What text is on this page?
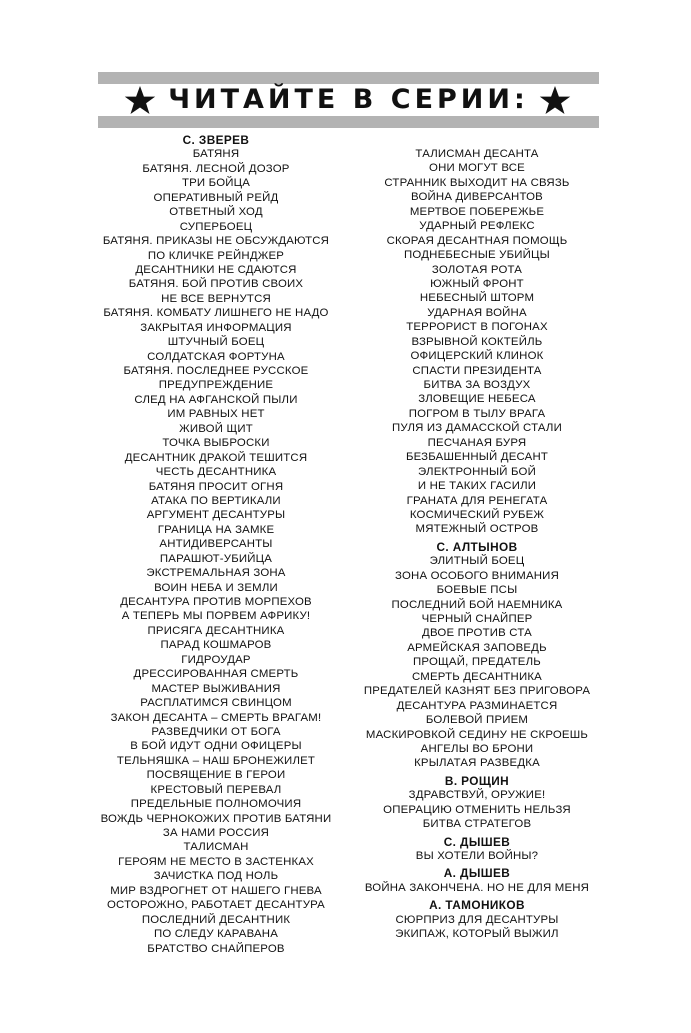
ЧИТАЙТЕ В СЕРИИ:
С. ЗВЕРЕВ
БАТЯНЯ
БАТЯНЯ. ЛЕСНОЙ ДОЗОР
ТРИ БОЙЦА
ОПЕРАТИВНЫЙ РЕЙД
ОТВЕТНЫЙ ХОД
СУПЕРБОЕЦ
БАТЯНЯ. ПРИКАЗЫ НЕ ОБСУЖДАЮТСЯ
ПО КЛИЧКЕ РЕЙНДЖЕР
ДЕСАНТНИКИ НЕ СДАЮТСЯ
БАТЯНЯ. БОЙ ПРОТИВ СВОИХ
НЕ ВСЕ ВЕРНУТСЯ
БАТЯНЯ. КОМБАТУ ЛИШНЕГО НЕ НАДО
ЗАКРЫТАЯ ИНФОРМАЦИЯ
ШТУЧНЫЙ БОЕЦ
СОЛДАТСКАЯ ФОРТУНА
БАТЯНЯ. ПОСЛЕДНЕЕ РУССКОЕ
ПРЕДУПРЕЖДЕНИЕ
СЛЕД НА АФГАНСКОЙ ПЫЛИ
ИМ РАВНЫХ НЕТ
ЖИВОЙ ЩИТ
ТОЧКА ВЫБРОСКИ
ДЕСАНТНИК ДРАКОЙ ТЕШИТСЯ
ЧЕСТЬ ДЕСАНТНИКА
БАТЯНЯ ПРОСИТ ОГНЯ
АТАКА ПО ВЕРТИКАЛИ
АРГУМЕНТ ДЕСАНТУРЫ
ГРАНИЦА НА ЗАМКЕ
АНТИДИВЕРСАНТЫ
ПАРАШЮТ-УБИЙЦА
ЭКСТРЕМАЛЬНАЯ ЗОНА
ВОИН НЕБА И ЗЕМЛИ
ДЕСАНТУРА ПРОТИВ МОРПЕХОВ
А ТЕПЕРЬ МЫ ПОРВЕМ АФРИКУ!
ПРИСЯГА ДЕСАНТНИКА
ПАРАД КОШМАРОВ
ГИДРОУДАР
ДРЕССИРОВАННАЯ СМЕРТЬ
МАСТЕР ВЫЖИВАНИЯ
РАСПЛАТИМСЯ СВИНЦОМ
ЗАКОН ДЕСАНТА – СМЕРТЬ ВРАГАМ!
РАЗВЕДЧИКИ ОТ БОГА
В БОЙ ИДУТ ОДНИ ОФИЦЕРЫ
ТЕЛЬНЯШКА – НАШ БРОНЕЖИЛЕТ
ПОСВЯЩЕНИЕ В ГЕРОИ
КРЕСТОВЫЙ ПЕРЕВАЛ
ПРЕДЕЛЬНЫЕ ПОЛНОМОЧИЯ
ВОЖДЬ ЧЕРНОКОЖИХ ПРОТИВ БАТЯНИ
ЗА НАМИ РОССИЯ
ТАЛИСМАН
ГЕРОЯМ НЕ МЕСТО В ЗАСТЕНКАХ
ЗАЧИСТКА ПОД НОЛЬ
МИР ВЗДРОГНЕТ ОТ НАШЕГО ГНЕВА
ОСТОРОЖНО, РАБОТАЕТ ДЕСАНТУРА
ПОСЛЕДНИЙ ДЕСАНТНИК
ПО СЛЕДУ КАРАВАНА
БРАТСТВО СНАЙПЕРОВ
ТАЛИСМАН ДЕСАНТА
ОНИ МОГУТ ВСЕ
СТРАННИК ВЫХОДИТ НА СВЯЗЬ
ВОЙНА ДИВЕРСАНТОВ
МЕРТВОЕ ПОБЕРЕЖЬЕ
УДАРНЫЙ РЕФЛЕКС
СКОРАЯ ДЕСАНТНАЯ ПОМОЩЬ
ПОДНЕБЕСНЫЕ УБИЙЦЫ
ЗОЛОТАЯ РОТА
ЮЖНЫЙ ФРОНТ
НЕБЕСНЫЙ ШТОРМ
УДАРНАЯ ВОЙНА
ТЕРРОРИСТ В ПОГОНАХ
ВЗРЫВНОЙ КОКТЕЙЛЬ
ОФИЦЕРСКИЙ КЛИНОК
СПАСТИ ПРЕЗИДЕНТА
БИТВА ЗА ВОЗДУХ
ЗЛОВЕЩИЕ НЕБЕСА
ПОГРОМ В ТЫЛУ ВРАГА
ПУЛЯ ИЗ ДАМАССКОЙ СТАЛИ
ПЕСЧАНАЯ БУРЯ
БЕЗБАШЕННЫЙ ДЕСАНТ
ЭЛЕКТРОННЫЙ БОЙ
И НЕ ТАКИХ ГАСИЛИ
ГРАНАТА ДЛЯ РЕНЕГАТА
КОСМИЧЕСКИЙ РУБЕЖ
МЯТЕЖНЫЙ ОСТРОВ
С. АЛТЫНОВ
ЭЛИТНЫЙ БОЕЦ
ЗОНА ОСОБОГО ВНИМАНИЯ
БОЕВЫЕ ПСЫ
ПОСЛЕДНИЙ БОЙ НАЕМНИКА
ЧЕРНЫЙ СНАЙПЕР
ДВОЕ ПРОТИВ СТА
АРМЕЙСКАЯ ЗАПОВЕДЬ
ПРОЩАЙ, ПРЕДАТЕЛЬ
СМЕРТЬ ДЕСАНТНИКА
ПРЕДАТЕЛЕЙ КАЗНЯТ БЕЗ ПРИГОВОРА
ДЕСАНТУРА РАЗМИНАЕТСЯ
БОЛЕВОЙ ПРИЕМ
МАСКИРОВКОЙ СЕДИНУ НЕ СКРОЕШЬ
АНГЕЛЫ ВО БРОНИ
КРЫЛАТАЯ РАЗВЕДКА
В. РОЩИН
ЗДРАВСТВУЙ, ОРУЖИЕ!
ОПЕРАЦИЮ ОТМЕНИТЬ НЕЛЬЗЯ
БИТВА СТРАТЕГОВ
С. ДЫШЕВ
ВЫ ХОТЕЛИ ВОЙНЫ?
А. ДЫШЕВ
ВОЙНА ЗАКОНЧЕНА. НО НЕ ДЛЯ МЕНЯ
А. ТАМОНИКОВ
СЮРПРИЗ ДЛЯ ДЕСАНТУРЫ
ЭКИПАЖ, КОТОРЫЙ ВЫЖИЛ
